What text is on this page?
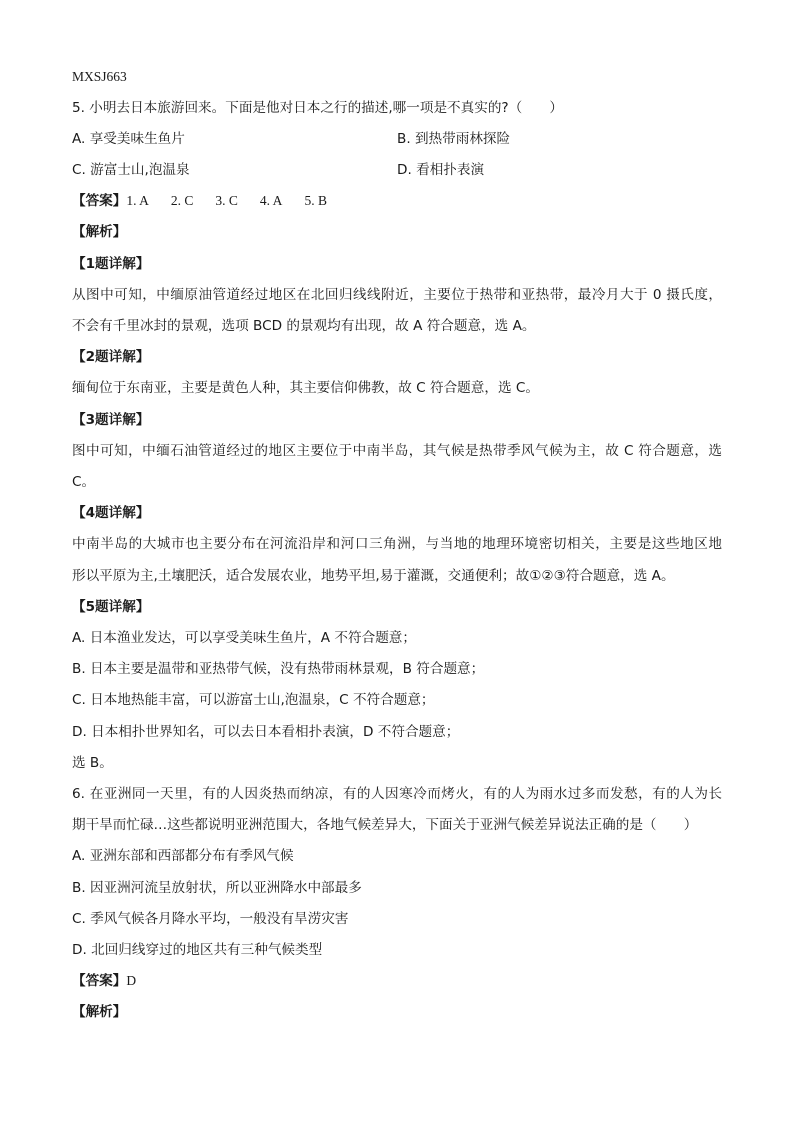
MXSJ663
5. 小明去日本旅游回来。下面是他对日本之行的描述,哪一项是不真实的?（　　）
A. 享受美味生鱼片	B. 到热带雨林探险
C. 游富士山,泡温泉	D. 看相扑表演
【答案】1. A 2. C 3. C 4. A 5. B
【解析】
【1题详解】
从图中可知，中缅原油管道经过地区在北回归线线附近，主要位于热带和亚热带，最冷月大于 0 摄氏度，
不会有千里冰封的景观，选项 BCD 的景观均有出现，故 A 符合题意，选 A。
【2题详解】
缅甸位于东南亚，主要是黄色人种，其主要信仰佛教，故 C 符合题意，选 C。
【3题详解】
图中可知，中缅石油管道经过的地区主要位于中南半岛，其气候是热带季风气候为主，故 C 符合题意，选
C。
【4题详解】
中南半岛的大城市也主要分布在河流沿岸和河口三角洲，与当地的地理环境密切相关，主要是这些地区地
形以平原为主,土壤肥沃，适合发展农业，地势平坦,易于灌溉，交通便利；故①②③符合题意，选 A。
【5题详解】
A. 日本渔业发达，可以享受美味生鱼片，A 不符合题意；
B. 日本主要是温带和亚热带气候，没有热带雨林景观，B 符合题意；
C. 日本地热能丰富，可以游富士山,泡温泉，C 不符合题意；
D. 日本相扑世界知名，可以去日本看相扑表演，D 不符合题意；
选 B。
6. 在亚洲同一天里，有的人因炎热而纳凉，有的人因寒冷而烤火，有的人为雨水过多而发愁，有的人为长
期干旱而忙碌…这些都说明亚洲范围大，各地气候差异大，下面关于亚洲气候差异说法正确的是（　　）
A. 亚洲东部和西部都分布有季风气候
B. 因亚洲河流呈放射状，所以亚洲降水中部最多
C. 季风气候各月降水平均，一般没有旱涝灾害
D. 北回归线穿过的地区共有三种气候类型
【答案】D
【解析】
